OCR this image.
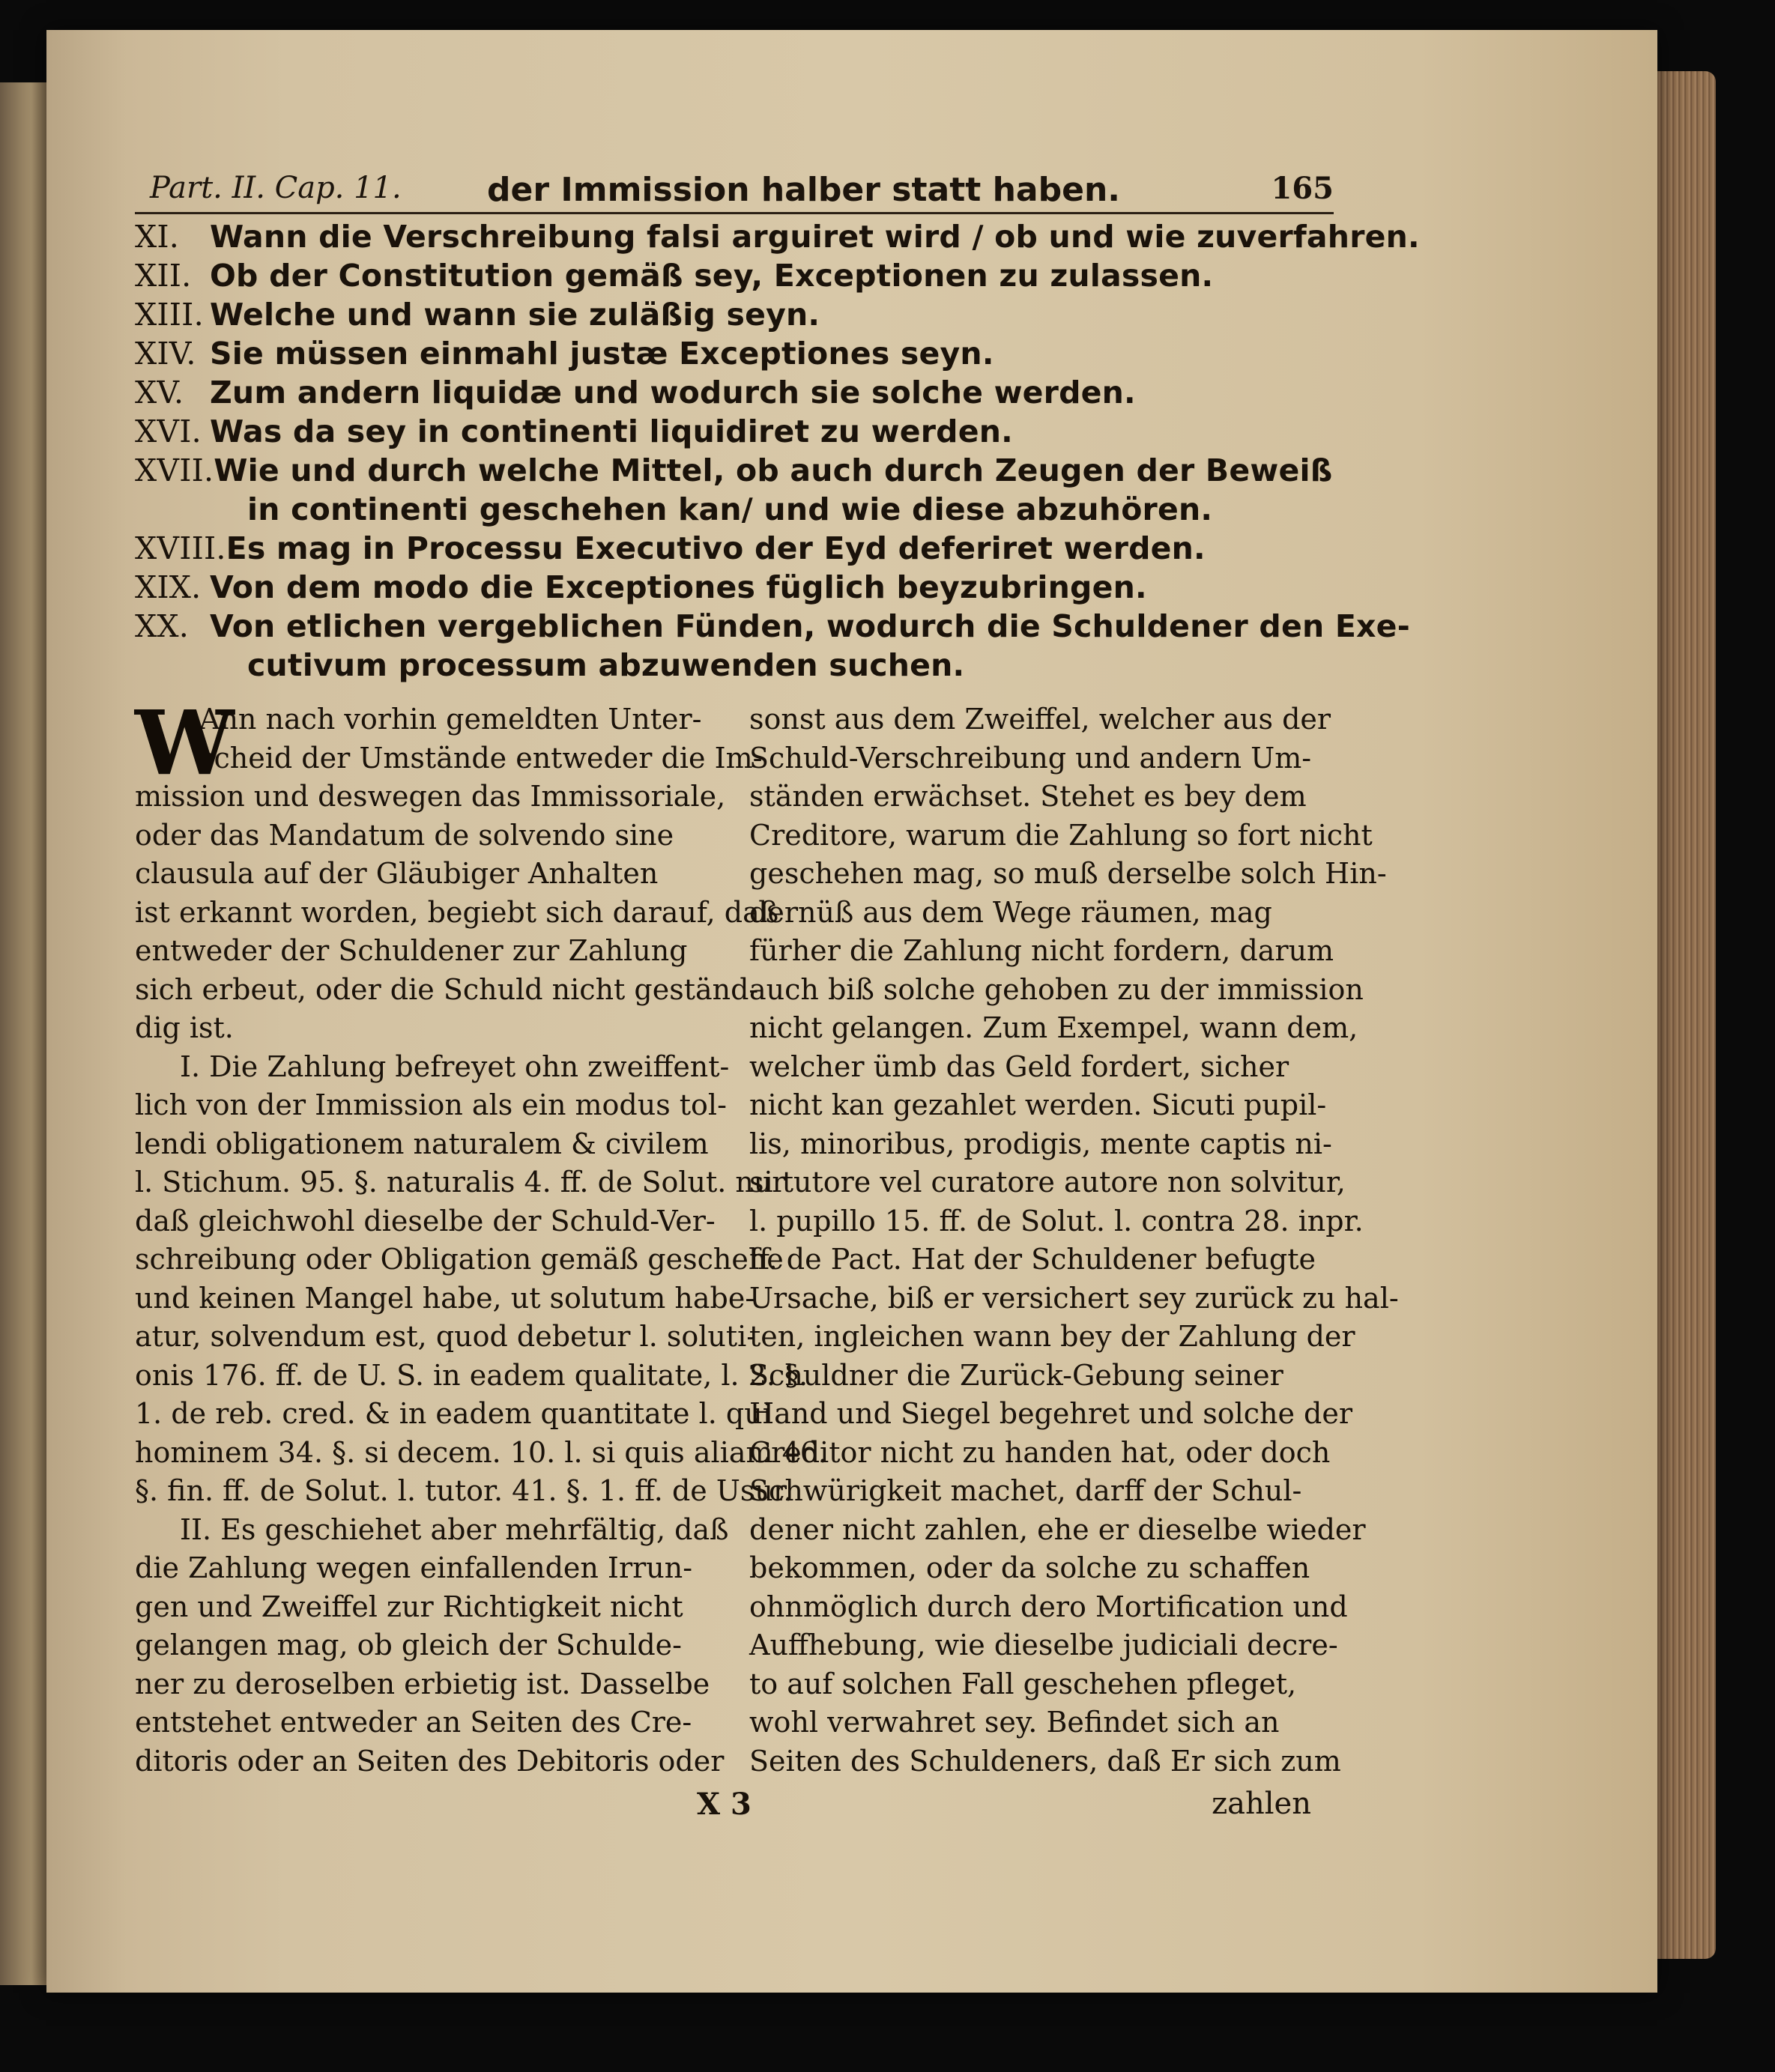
Part. II. Cap. 11.	der Immission halber statt haben.	165
XI. Wann die Verschreibung falsi arguiret wird / ob und wie zuverfahren.
XII. Ob der Constitution gemäß sey, Exceptionen zu zulassen.
XIII. Welche und wann sie zuläßig seyn.
XIV. Sie müssen einmahl justæ Exceptiones seyn.
XV. Zum andern liquidæ und wodurch sie solche werden.
XVI. Was da sey in continenti liquidiret zu werden.
XVII.Wie und durch welche Mittel, ob auch durch Zeugen der Beweiß
in continenti geschehen kan/ und wie diese abzuhören.
XVIII.Es mag in Processu Executivo der Eyd deferiret werden.
XIX. Von dem modo die Exceptiones füglich beyzubringen.
XX. Von etlichen vergeblichen Fünden, wodurch die Schuldener den Exe-
cutivum processum abzuwenden suchen.
W
Ann nach vorhin gemeldten Unter-
scheid der Umstände entweder die Im-
mission und deswegen das Immissoriale,
oder das Mandatum de solvendo sine
clausula auf der Gläubiger Anhalten
ist erkannt worden, begiebt sich darauf, daß
entweder der Schuldener zur Zahlung
sich erbeut, oder die Schuld nicht geständ-
dig ist.
I. Die Zahlung befreyet ohn zweiffent-
lich von der Immission als ein modus tol-
lendi obligationem naturalem & civilem
l. Stichum. 95. §. naturalis 4. ff. de Solut. nur
daß gleichwohl dieselbe der Schuld-Ver-
schreibung oder Obligation gemäß geschehe
und keinen Mangel habe, ut solutum habe-
atur, solvendum est, quod debetur l. soluti-
onis 176. ff. de U. S. in eadem qualitate, l. 2. §.
1. de reb. cred. & in eadem quantitate l. qui
hominem 34. §. si decem. 10. l. si quis aliam 46.
§. fin. ff. de Solut. l. tutor. 41. §. 1. ff. de Usur.
II. Es geschiehet aber mehrfältig, daß
die Zahlung wegen einfallenden Irrun-
gen und Zweiffel zur Richtigkeit nicht
gelangen mag, ob gleich der Schulde-
ner zu deroselben erbietig ist. Dasselbe
entstehet entweder an Seiten des Cre-
ditoris oder an Seiten des Debitoris oder
sonst aus dem Zweiffel, welcher aus der
Schuld-Verschreibung und andern Um-
ständen erwächset. Stehet es bey dem
Creditore, warum die Zahlung so fort nicht
geschehen mag, so muß derselbe solch Hin-
dernüß aus dem Wege räumen, mag
fürher die Zahlung nicht fordern, darum
auch biß solche gehoben zu der immission
nicht gelangen. Zum Exempel, wann dem,
welcher ümb das Geld fordert, sicher
nicht kan gezahlet werden. Sicuti pupil-
lis, minoribus, prodigis, mente captis ni-
si tutore vel curatore autore non solvitur,
l. pupillo 15. ff. de Solut. l. contra 28. inpr.
ff. de Pact. Hat der Schuldener befugte
Ursache, biß er versichert sey zurück zu hal-
ten, ingleichen wann bey der Zahlung der
Schuldner die Zurück-Gebung seiner
Hand und Siegel begehret und solche der
Creditor nicht zu handen hat, oder doch
Schwürigkeit machet, darff der Schul-
dener nicht zahlen, ehe er dieselbe wieder
bekommen, oder da solche zu schaffen
ohnmöglich durch dero Mortification und
Auffhebung, wie dieselbe judiciali decre-
to auf solchen Fall geschehen pfleget,
wohl verwahret sey. Befindet sich an
Seiten des Schuldeners, daß Er sich zum
X 3	zahlen
